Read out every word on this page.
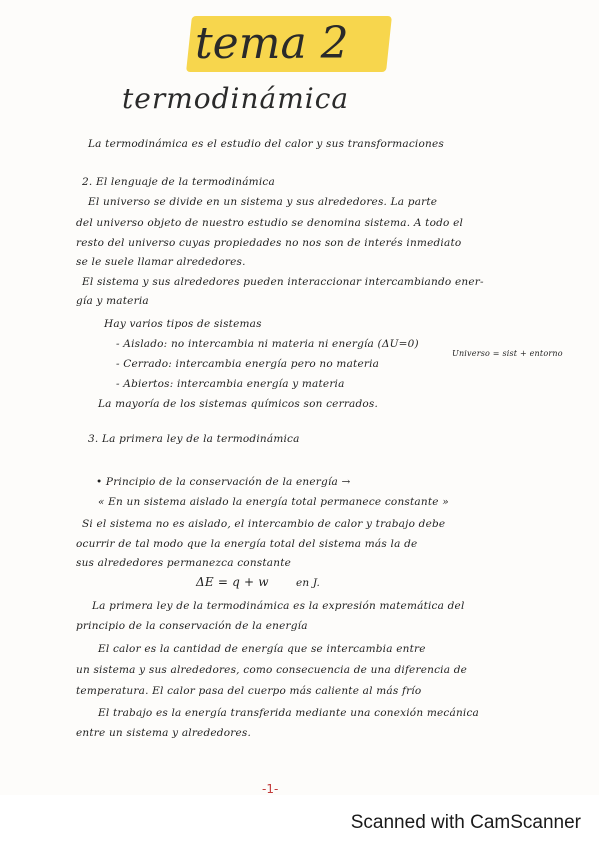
tema 2
termodinámica
La termodinámica es el estudio del calor y sus transformaciones
2. El lenguaje de la termodinámica
El universo se divide en un sistema y sus alrededores. La parte
del universo objeto de nuestro estudio se denomina sistema. A todo el
resto del universo cuyas propiedades no nos son de interés inmediato
se le suele llamar alrededores.
El sistema y sus alrededores pueden interaccionar intercambiando ener-
gía y materia
Hay varios tipos de sistemas
- Aislado: no intercambia ni materia ni energía (ΔU=0)
Universo = sist + entorno
- Cerrado: intercambia energía pero no materia
- Abiertos: intercambia energía y materia
La mayoría de los sistemas químicos son cerrados.
3. La primera ley de la termodinámica
• Principio de la conservación de la energía →
« En un sistema aislado la energía total permanece constante »
Si el sistema no es aislado, el intercambio de calor y trabajo debe
ocurrir de tal modo que la energía total del sistema más la de
sus alrededores permanezca constante
ΔE = q + w	en J.
La primera ley de la termodinámica es la expresión matemática del
principio de la conservación de la energía
El calor es la cantidad de energía que se intercambia entre
un sistema y sus alrededores, como consecuencia de una diferencia de
temperatura. El calor pasa del cuerpo más caliente al más frío
El trabajo es la energía transferida mediante una conexión mecánica
entre un sistema y alrededores.
-1-
Scanned with CamScanner
